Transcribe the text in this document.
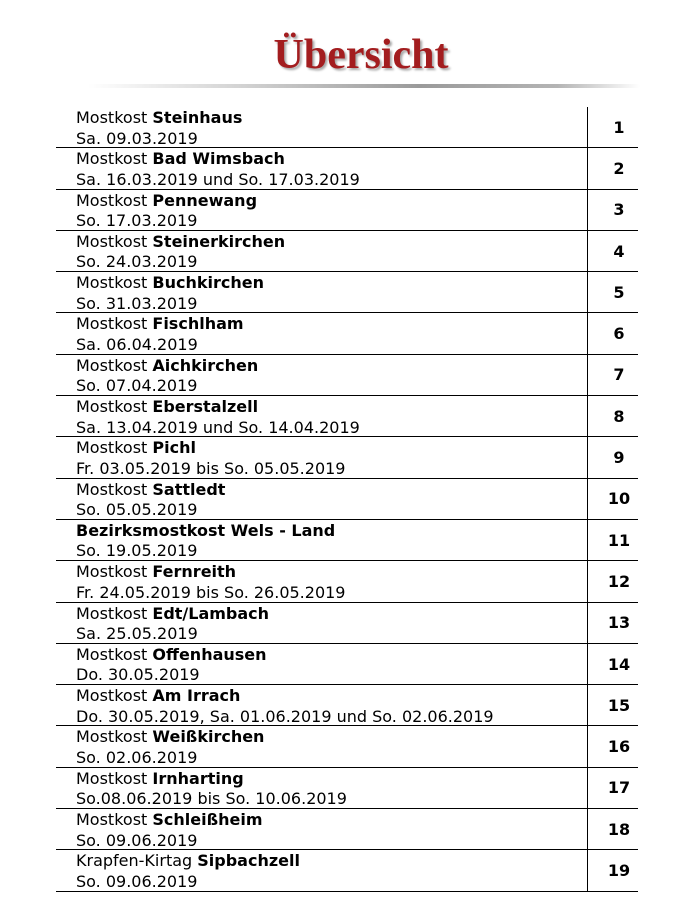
Übersicht
Mostkost Steinhaus
Sa. 09.03.2019
1
Mostkost Bad Wimsbach
Sa. 16.03.2019 und So. 17.03.2019
2
Mostkost Pennewang
So. 17.03.2019
3
Mostkost Steinerkirchen
So. 24.03.2019
4
Mostkost Buchkirchen
So. 31.03.2019
5
Mostkost Fischlham
Sa. 06.04.2019
6
Mostkost Aichkirchen
So. 07.04.2019
7
Mostkost Eberstalzell
Sa. 13.04.2019 und So. 14.04.2019
8
Mostkost Pichl
Fr. 03.05.2019 bis So. 05.05.2019
9
Mostkost Sattledt
So. 05.05.2019
10
Bezirksmostkost Wels - Land
So. 19.05.2019
11
Mostkost Fernreith
Fr. 24.05.2019 bis So. 26.05.2019
12
Mostkost Edt/Lambach
Sa. 25.05.2019
13
Mostkost Offenhausen
Do. 30.05.2019
14
Mostkost Am Irrach
Do. 30.05.2019, Sa. 01.06.2019 und So. 02.06.2019
15
Mostkost Weißkirchen
So. 02.06.2019
16
Mostkost Irnharting
So.08.06.2019 bis So. 10.06.2019
17
Mostkost Schleißheim
So. 09.06.2019
18
Krapfen-Kirtag Sipbachzell
So. 09.06.2019
19
